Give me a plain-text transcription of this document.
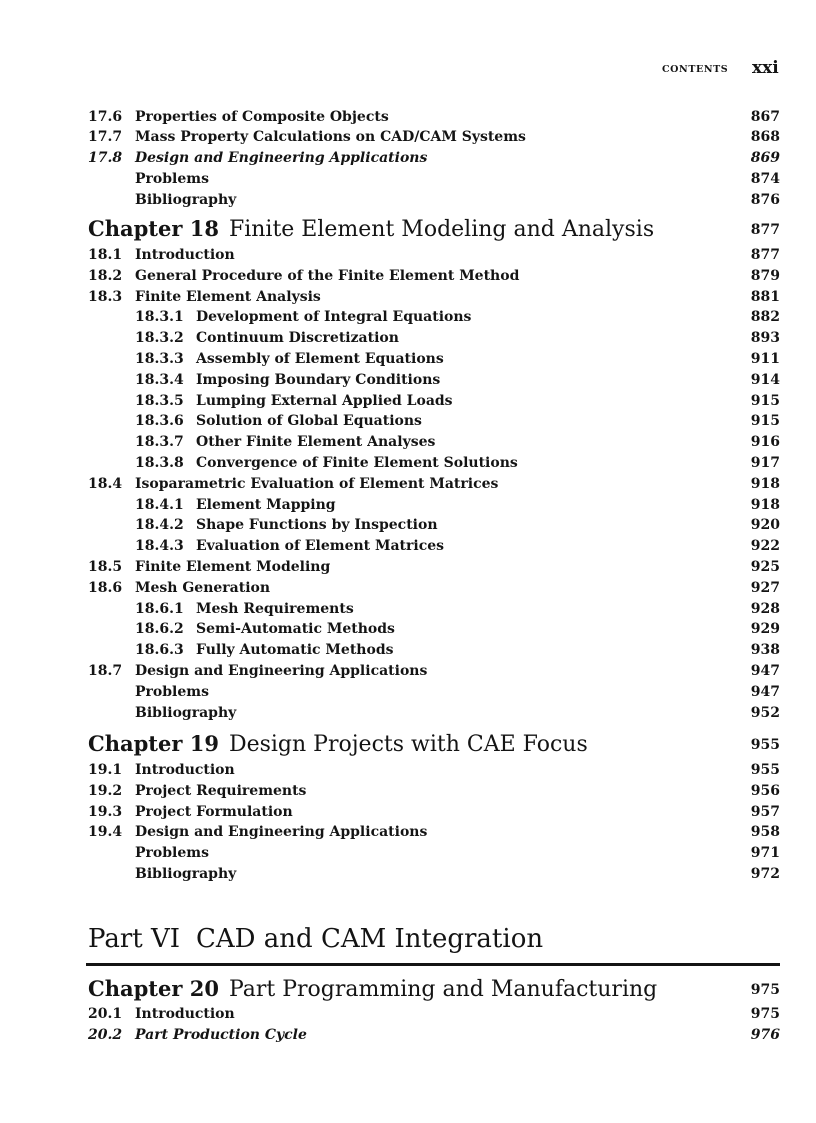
CONTENTS xxi
17.6 Properties of Composite Objects	867
17.7 Mass Property Calculations on CAD/CAM Systems	868
17.8 Design and Engineering Applications	869
Problems	874
Bibliography	876
Chapter 18 Finite Element Modeling and Analysis	877
18.1 Introduction	877
18.2 General Procedure of the Finite Element Method	879
18.3 Finite Element Analysis	881
18.3.1 Development of Integral Equations	882
18.3.2 Continuum Discretization	893
18.3.3 Assembly of Element Equations	911
18.3.4 Imposing Boundary Conditions	914
18.3.5 Lumping External Applied Loads	915
18.3.6 Solution of Global Equations	915
18.3.7 Other Finite Element Analyses	916
18.3.8 Convergence of Finite Element Solutions	917
18.4 Isoparametric Evaluation of Element Matrices	918
18.4.1 Element Mapping	918
18.4.2 Shape Functions by Inspection	920
18.4.3 Evaluation of Element Matrices	922
18.5 Finite Element Modeling	925
18.6 Mesh Generation	927
18.6.1 Mesh Requirements	928
18.6.2 Semi-Automatic Methods	929
18.6.3 Fully Automatic Methods	938
18.7 Design and Engineering Applications	947
Problems	947
Bibliography	952
Chapter 19 Design Projects with CAE Focus	955
19.1 Introduction	955
19.2 Project Requirements	956
19.3 Project Formulation	957
19.4 Design and Engineering Applications	958
Problems	971
Bibliography	972
Part VI CAD and CAM Integration
Chapter 20 Part Programming and Manufacturing	975
20.1 Introduction	975
20.2 Part Production Cycle	976
